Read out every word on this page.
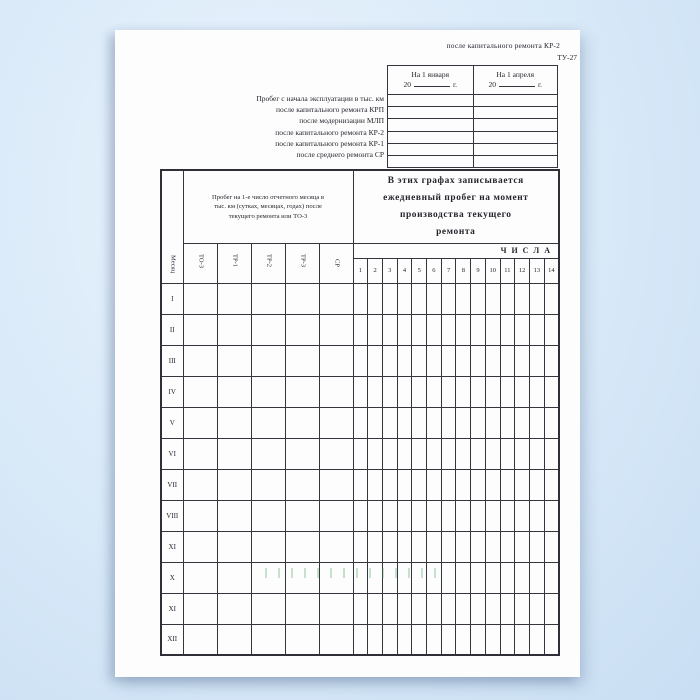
после капитального ремонта КР-2
ТУ-27
На 1 января
20 г.	На 1 апреля
20 г.

Пробег с начала эксплуатации в тыс. км
после капитального ремонта КРП
после модернизации МЛП
после капитального ремонта КР-2
после капитального ремонта КР-1
после среднего ремонта СР
Месяц	Пробег на 1-е число отчетного месяца в тыс. км (сутках, месяцах, годах) после текущего ремонта или ТО-3					В этих графах записывается ежедневный пробег на момент производства текущего ремонта													
	ТО-3	ТР-1	ТР-2	ТР-3	СР	ЧИСЛА													
						1	2	3	4	5	6	7	8	9	10	11	12	13	14
I																			
II																			
III																			
IV																			
V																			
VI																			
VII																			
VIII																			
XI																			
X																			
XI																			
XII																			
